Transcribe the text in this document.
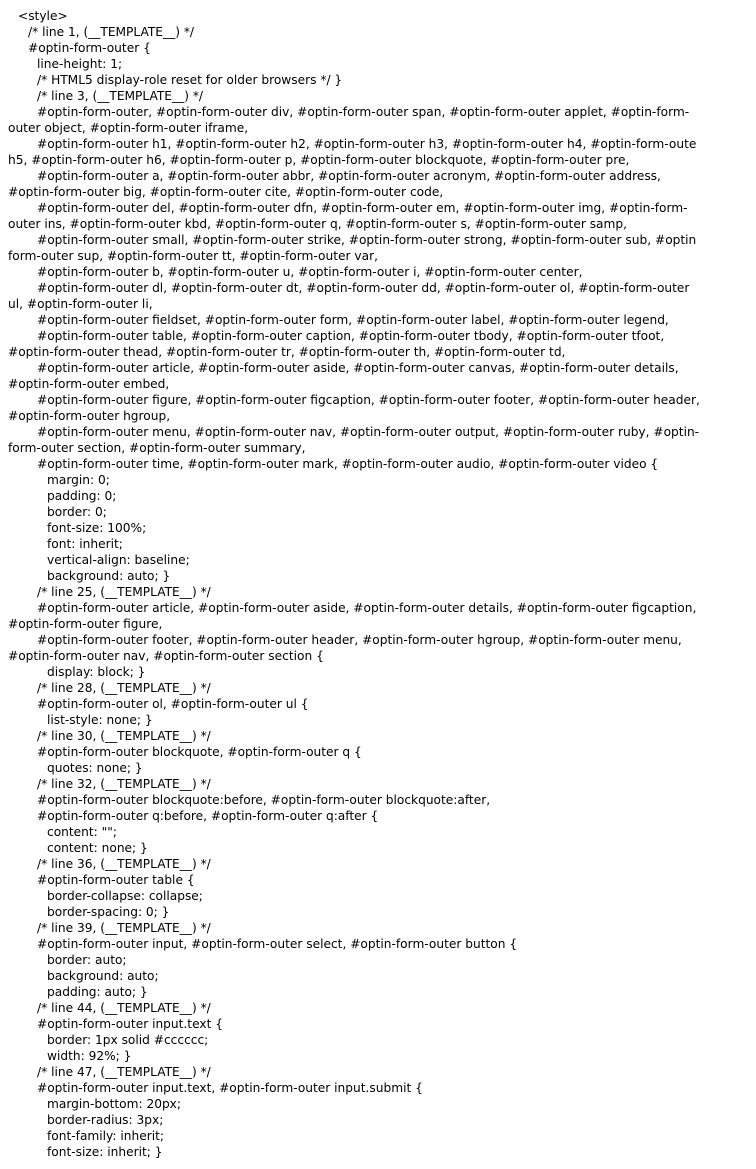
<style>
/* line 1, (__TEMPLATE__) */
#optin-form-outer {
line-height: 1;
/* HTML5 display-role reset for older browsers */ }
/* line 3, (__TEMPLATE__) */
#optin-form-outer, #optin-form-outer div, #optin-form-outer span, #optin-form-outer applet, #optin-form-
outer object, #optin-form-outer iframe,
#optin-form-outer h1, #optin-form-outer h2, #optin-form-outer h3, #optin-form-outer h4, #optin-form-oute
h5, #optin-form-outer h6, #optin-form-outer p, #optin-form-outer blockquote, #optin-form-outer pre,
#optin-form-outer a, #optin-form-outer abbr, #optin-form-outer acronym, #optin-form-outer address,
#optin-form-outer big, #optin-form-outer cite, #optin-form-outer code,
#optin-form-outer del, #optin-form-outer dfn, #optin-form-outer em, #optin-form-outer img, #optin-form-
outer ins, #optin-form-outer kbd, #optin-form-outer q, #optin-form-outer s, #optin-form-outer samp,
#optin-form-outer small, #optin-form-outer strike, #optin-form-outer strong, #optin-form-outer sub, #optin
form-outer sup, #optin-form-outer tt, #optin-form-outer var,
#optin-form-outer b, #optin-form-outer u, #optin-form-outer i, #optin-form-outer center,
#optin-form-outer dl, #optin-form-outer dt, #optin-form-outer dd, #optin-form-outer ol, #optin-form-outer
ul, #optin-form-outer li,
#optin-form-outer fieldset, #optin-form-outer form, #optin-form-outer label, #optin-form-outer legend,
#optin-form-outer table, #optin-form-outer caption, #optin-form-outer tbody, #optin-form-outer tfoot,
#optin-form-outer thead, #optin-form-outer tr, #optin-form-outer th, #optin-form-outer td,
#optin-form-outer article, #optin-form-outer aside, #optin-form-outer canvas, #optin-form-outer details,
#optin-form-outer embed,
#optin-form-outer figure, #optin-form-outer figcaption, #optin-form-outer footer, #optin-form-outer header,
#optin-form-outer hgroup,
#optin-form-outer menu, #optin-form-outer nav, #optin-form-outer output, #optin-form-outer ruby, #optin-
form-outer section, #optin-form-outer summary,
#optin-form-outer time, #optin-form-outer mark, #optin-form-outer audio, #optin-form-outer video {
margin: 0;
padding: 0;
border: 0;
font-size: 100%;
font: inherit;
vertical-align: baseline;
background: auto; }
/* line 25, (__TEMPLATE__) */
#optin-form-outer article, #optin-form-outer aside, #optin-form-outer details, #optin-form-outer figcaption,
#optin-form-outer figure,
#optin-form-outer footer, #optin-form-outer header, #optin-form-outer hgroup, #optin-form-outer menu,
#optin-form-outer nav, #optin-form-outer section {
display: block; }
/* line 28, (__TEMPLATE__) */
#optin-form-outer ol, #optin-form-outer ul {
list-style: none; }
/* line 30, (__TEMPLATE__) */
#optin-form-outer blockquote, #optin-form-outer q {
quotes: none; }
/* line 32, (__TEMPLATE__) */
#optin-form-outer blockquote:before, #optin-form-outer blockquote:after,
#optin-form-outer q:before, #optin-form-outer q:after {
content: "";
content: none; }
/* line 36, (__TEMPLATE__) */
#optin-form-outer table {
border-collapse: collapse;
border-spacing: 0; }
/* line 39, (__TEMPLATE__) */
#optin-form-outer input, #optin-form-outer select, #optin-form-outer button {
border: auto;
background: auto;
padding: auto; }
/* line 44, (__TEMPLATE__) */
#optin-form-outer input.text {
border: 1px solid #cccccc;
width: 92%; }
/* line 47, (__TEMPLATE__) */
#optin-form-outer input.text, #optin-form-outer input.submit {
margin-bottom: 20px;
border-radius: 3px;
font-family: inherit;
font-size: inherit; }
